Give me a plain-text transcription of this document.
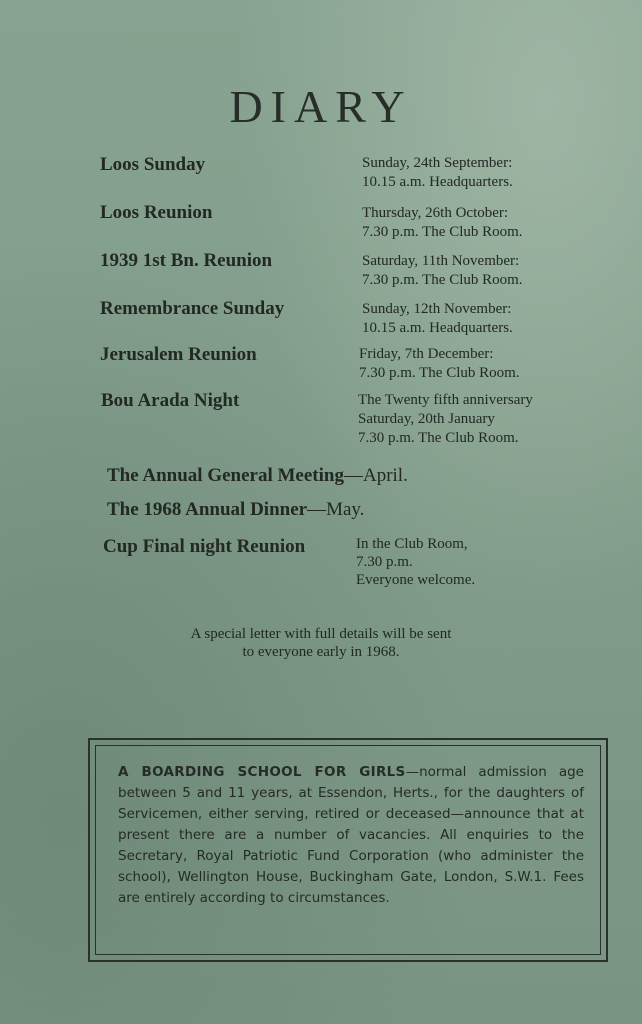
DIARY
Loos Sunday	Sunday, 24th September:
10.15 a.m. Headquarters.
Loos Reunion	Thursday, 26th October:
7.30 p.m. The Club Room.
1939 1st Bn. Reunion	Saturday, 11th November:
7.30 p.m. The Club Room.
Remembrance Sunday	Sunday, 12th November:
10.15 a.m. Headquarters.
Jerusalem Reunion	Friday, 7th December:
7.30 p.m. The Club Room.
Bou Arada Night	The Twenty fifth anniversary
Saturday, 20th January
7.30 p.m. The Club Room.
The Annual General Meeting—April.
The 1968 Annual Dinner—May.
Cup Final night Reunion	In the Club Room,
7.30 p.m.
Everyone welcome.
A special letter with full details will be sent
to everyone early in 1968.
A BOARDING SCHOOL FOR GIRLS—normal admission age between 5 and 11 years, at Essendon, Herts., for the daughters of Servicemen, either serving, retired or deceased—announce that at present there are a number of vacancies. All enquiries to the Secretary, Royal Patriotic Fund Corporation (who administer the school), Wellington House, Buckingham Gate, London, S.W.1. Fees are entirely according to circumstances.
